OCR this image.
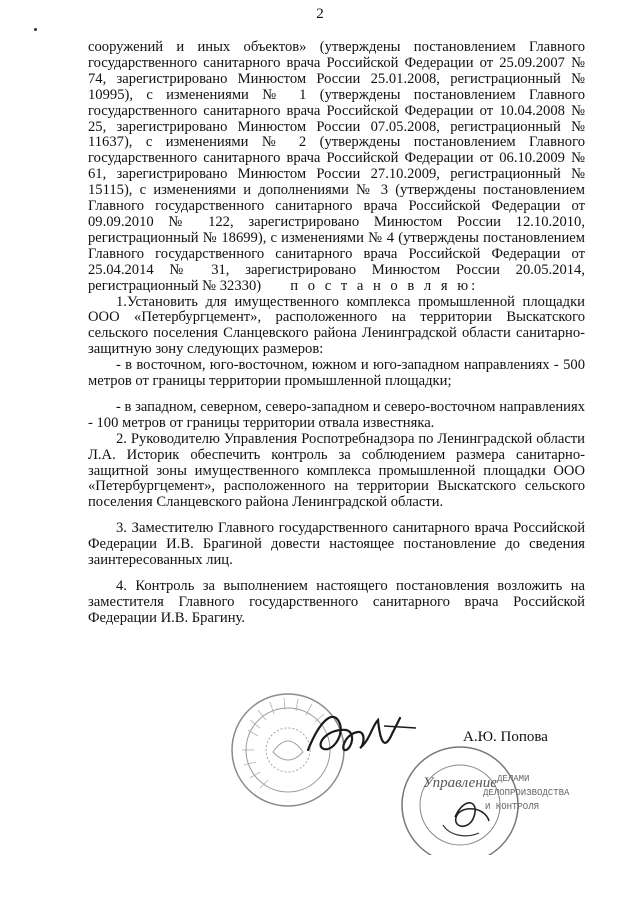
2

сооружений и иных объектов» (утверждены постановлением Главного государственного санитарного врача Российской Федерации от 25.09.2007 № 74, зарегистрировано Минюстом России 25.01.2008, регистрационный № 10995), с изменениями № 1 (утверждены постановлением Главного государственного санитарного врача Российской Федерации от 10.04.2008 № 25, зарегистрировано Минюстом России 07.05.2008, регистрационный № 11637), с изменениями № 2 (утверждены постановлением Главного государственного санитарного врача Российской Федерации от 06.10.2009 № 61, зарегистрировано Минюстом России 27.10.2009, регистрационный № 15115), с изменениями и дополнениями № 3 (утверждены постановлением Главного государственного санитарного врача Российской Федерации от 09.09.2010 № 122, зарегистрировано Минюстом России 12.10.2010, регистрационный № 18699), с изменениями № 4 (утверждены постановлением Главного государственного санитарного врача Российской Федерации от 25.04.2014 № 31, зарегистрировано Минюстом России 20.05.2014, регистрационный № 32330) п о с т а н о в л я ю:

1.Установить для имущественного комплекса промышленной площадки ООО «Петербургцемент», расположенного на территории Выскатского сельского поселения Сланцевского района Ленинградской области санитарно-защитную зону следующих размеров:

- в восточном, юго-восточном, южном и юго-западном направлениях - 500 метров от границы территории промышленной площадки;

- в западном, северном, северо-западном и северо-восточном направлениях - 100 метров от границы территории отвала известняка.

2. Руководителю Управления Роспотребнадзора по Ленинградской области Л.А. Историк обеспечить контроль за соблюдением размера санитарно-защитной зоны имущественного комплекса промышленной площадки ООО «Петербургцемент», расположенного на территории Выскатского сельского поселения Сланцевского района Ленинградской области.

3. Заместителю Главного государственного санитарного врача Российской Федерации И.В. Брагиной довести настоящее постановление до сведения заинтересованных лиц.

4. Контроль за выполнением настоящего постановления возложить на заместителя Главного государственного санитарного врача Российской Федерации И.В. Брагину.

А.Ю. Попова
Управление ДЕЛАМИ
ДЕЛОПРОИЗВОДСТВА
И КОНТРОЛЯ
